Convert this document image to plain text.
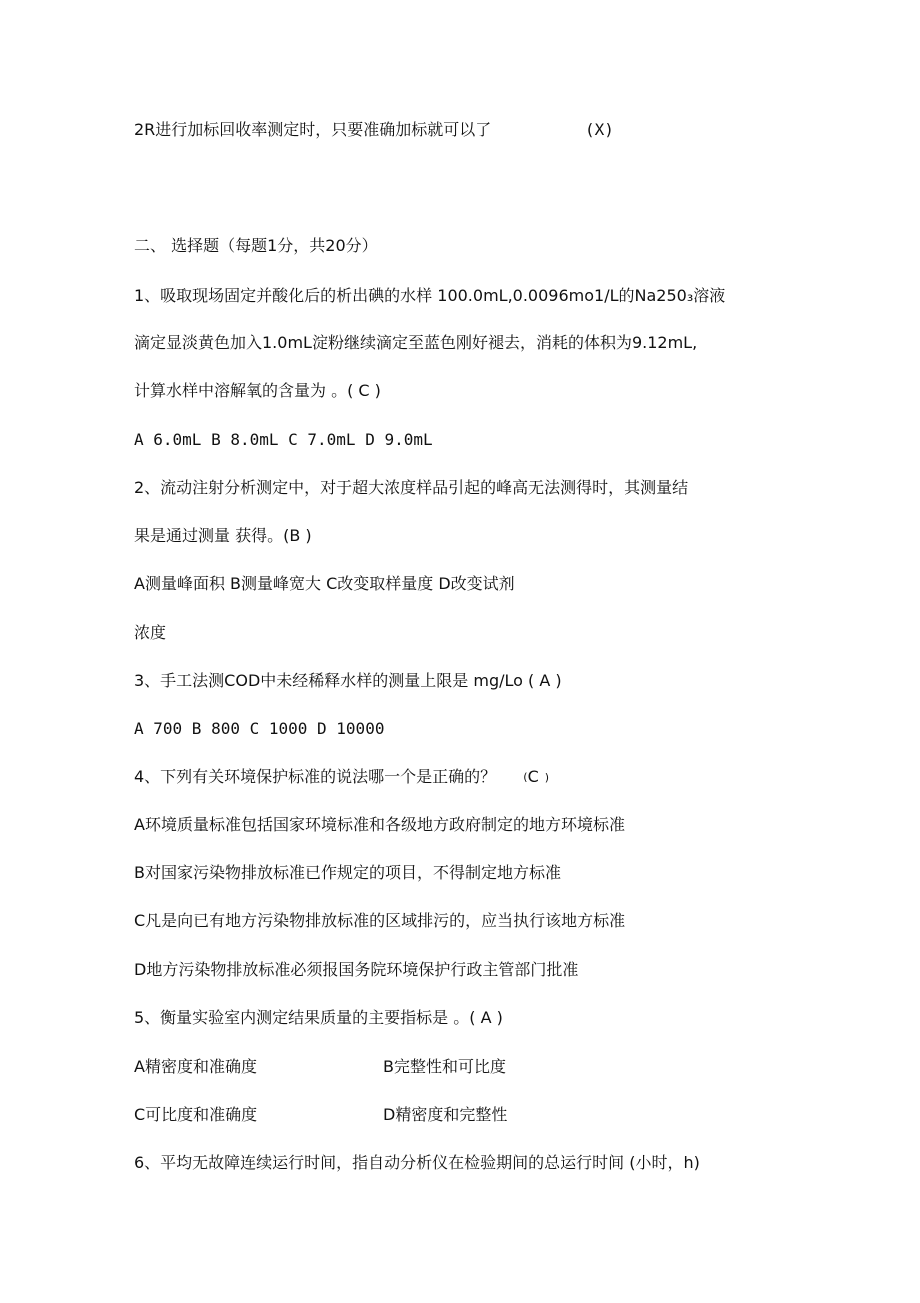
2R进行加标回收率测定时，只要准确加标就可以了	(X)
二、 选择题（每题1分，共20分）
1、吸取现场固定并酸化后的析出碘的水样 100.0mL,0.0096mo1/L的Na250₃溶液
滴定显淡黄色加入1.0mL淀粉继续滴定至蓝色刚好褪去，消耗的体积为9.12mL,
计算水样中溶解氧的含量为 。( C )
A 6.0mL B 8.0mL C 7.0mL D 9.0mL
2、流动注射分析测定中，对于超大浓度样品引起的峰高无法测得时，其测量结
果是通过测量 获得。(B )
A测量峰面积 B测量峰宽大 C改变取样量度 D改变试剂
浓度
3、手工法测COD中未经稀释水样的测量上限是 mg/Lo ( A )
A 700 B 800 C 1000 D 10000
4、下列有关环境保护标准的说法哪一个是正确的？ (C )
A环境质量标准包括国家环境标准和各级地方政府制定的地方环境标准
B对国家污染物排放标准已作规定的项目，不得制定地方标准
C凡是向已有地方污染物排放标准的区域排污的，应当执行该地方标准
D地方污染物排放标准必须报国务院环境保护行政主管部门批准
5、衡量实验室内测定结果质量的主要指标是 。( A )
A精密度和准确度	B完整性和可比度
C可比度和准确度	D精密度和完整性
6、平均无故障连续运行时间，指自动分析仪在检验期间的总运行时间 (小时，h)
